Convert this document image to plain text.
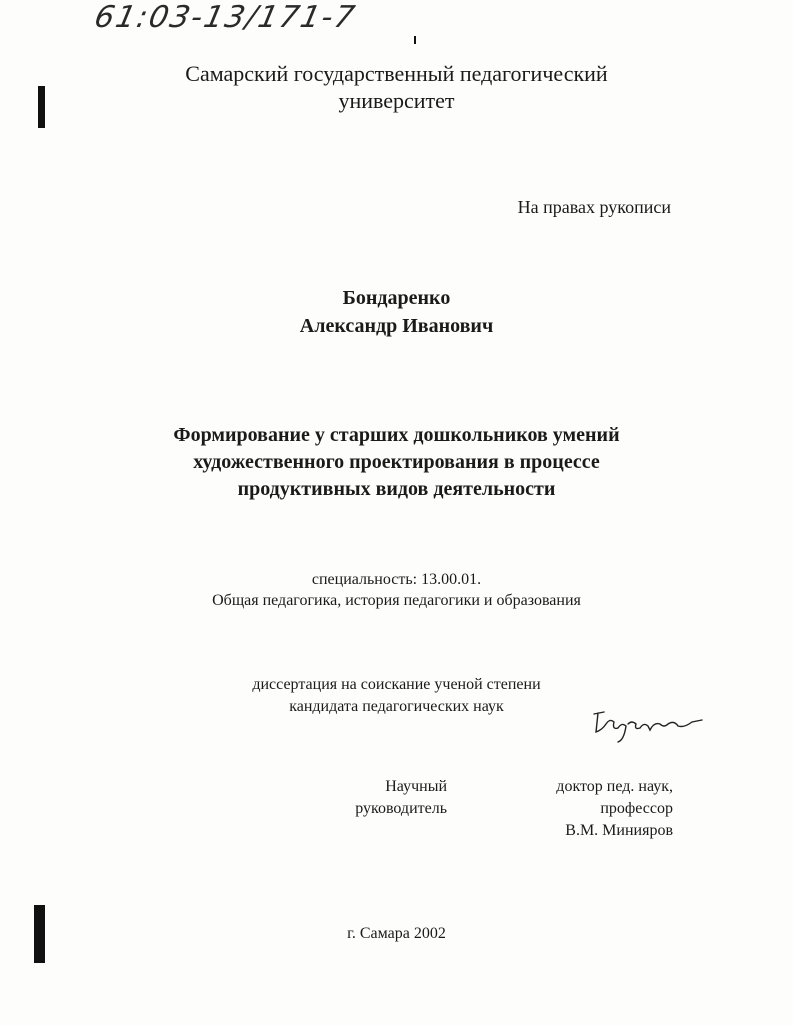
61:03-13/171-7
Самарский государственный педагогический
университет
На правах рукописи
Бондаренко
Александр Иванович
Формирование у старших дошкольников умений
художественного проектирования в процессе
продуктивных видов деятельности
специальность: 13.00.01.
Общая педагогика, история педагогики и образования
диссертация на соискание ученой степени
кандидата педагогических наук
Научный
руководитель
доктор пед. наук,
профессор
В.М. Минияров
г. Самара 2002
